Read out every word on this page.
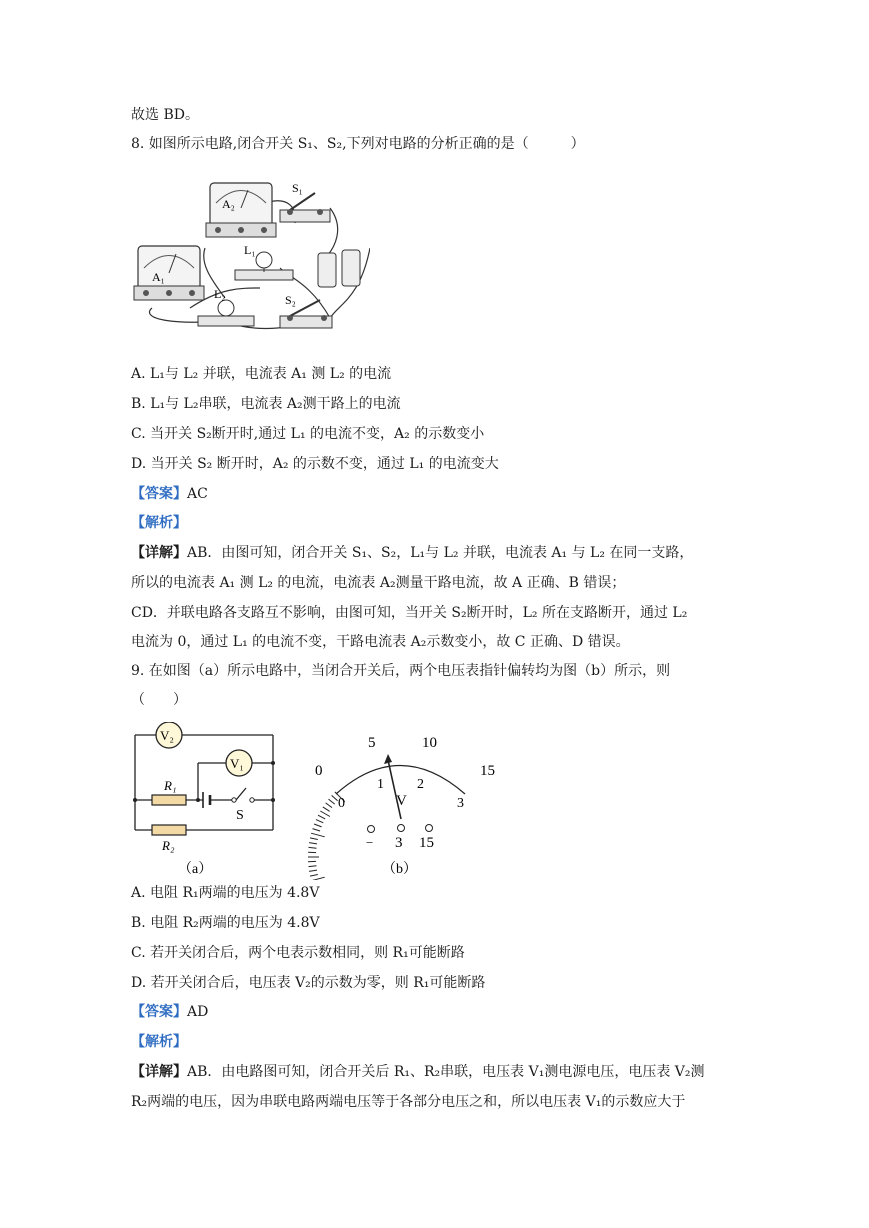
故选 BD。
8. 如图所示电路,闭合开关 S₁、S₂,下列对电路的分析正确的是（　　　）
A₂
A₁
S₁
L₁
L₂	S₂
A. L₁与 L₂ 并联，电流表 A₁ 测 L₂ 的电流
B. L₁与 L₂串联，电流表 A₂测干路上的电流
C. 当开关 S₂断开时,通过 L₁ 的电流不变，A₂ 的示数变小
D. 当开关 S₂ 断开时，A₂ 的示数不变，通过 L₁ 的电流变大
【答案】AC
【解析】
【详解】AB．由图可知，闭合开关 S₁、S₂，L₁与 L₂ 并联，电流表 A₁ 与 L₂ 在同一支路，
所以的电流表 A₁ 测 L₂ 的电流，电流表 A₂测量干路电流，故 A 正确、B 错误；
CD．并联电路各支路互不影响，由图可知，当开关 S₂断开时，L₂ 所在支路断开，通过 L₂
电流为 0，通过 L₁ 的电流不变，干路电流表 A₂示数变小，故 C 正确、D 错误。
9. 在如图（a）所示电路中，当闭合开关后，两个电压表指针偏转均为图（b）所示，则
（　　）
V₂
V₁
R₁
S
R₂
（a）
0
5	10
15
0
1 2
3
V
− 3 15
（b）
A. 电阻 R₁两端的电压为 4.8V
B. 电阻 R₂两端的电压为 4.8V
C. 若开关闭合后，两个电表示数相同，则 R₁可能断路
D. 若开关闭合后，电压表 V₂的示数为零，则 R₁可能断路
【答案】AD
【解析】
【详解】AB．由电路图可知，闭合开关后 R₁、R₂串联，电压表 V₁测电源电压，电压表 V₂测
R₂两端的电压，因为串联电路两端电压等于各部分电压之和，所以电压表 V₁的示数应大于
